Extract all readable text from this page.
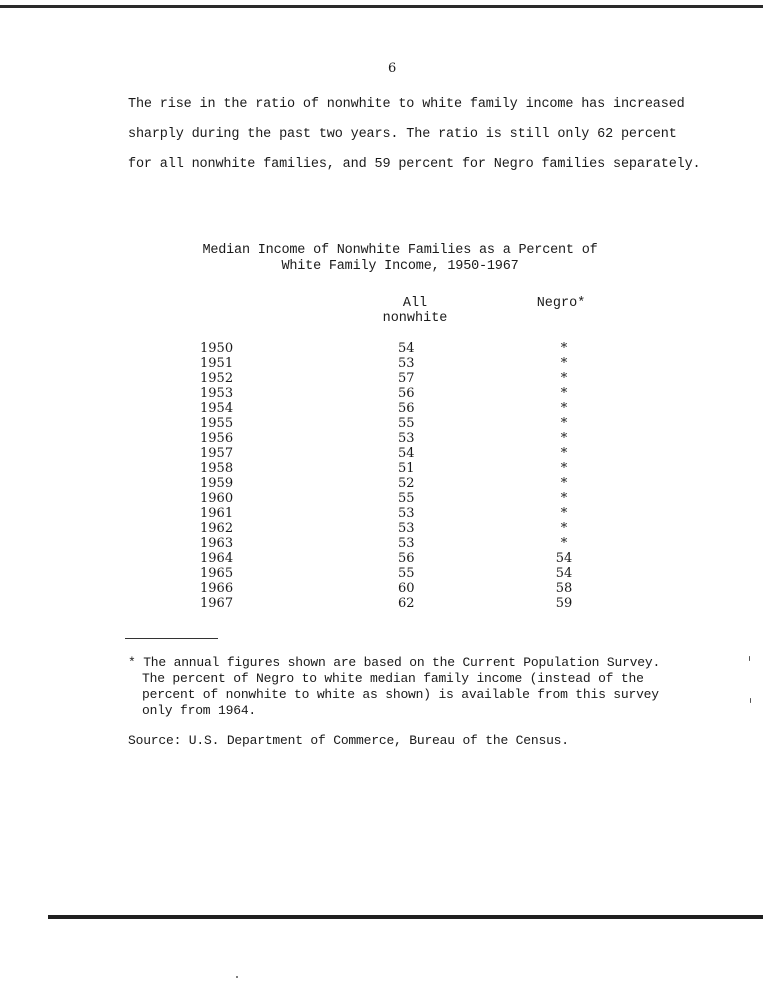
6

The rise in the ratio of nonwhite to white family income has increased

sharply during the past two years. The ratio is still only 62 percent

for all nonwhite families, and 59 percent for Negro families separately.

Median Income of Nonwhite Families as a Percent of
White Family Income, 1950-1967
All
nonwhite
Negro*
1950	54	*
1951	53	*
1952	57	*
1953	56	*
1954	56	*
1955	55	*
1956	53	*
1957	54	*
1958	51	*
1959	52	*
1960	55	*
1961	53	*
1962	53	*
1963	53	*
1964	56	54
1965	55	54
1966	60	58
1967	62	59
* The annual figures shown are based on the Current Population Survey.
The percent of Negro to white median family income (instead of the
percent of nonwhite to white as shown) is available from this survey
only from 1964.
Source: U.S. Department of Commerce, Bureau of the Census.
